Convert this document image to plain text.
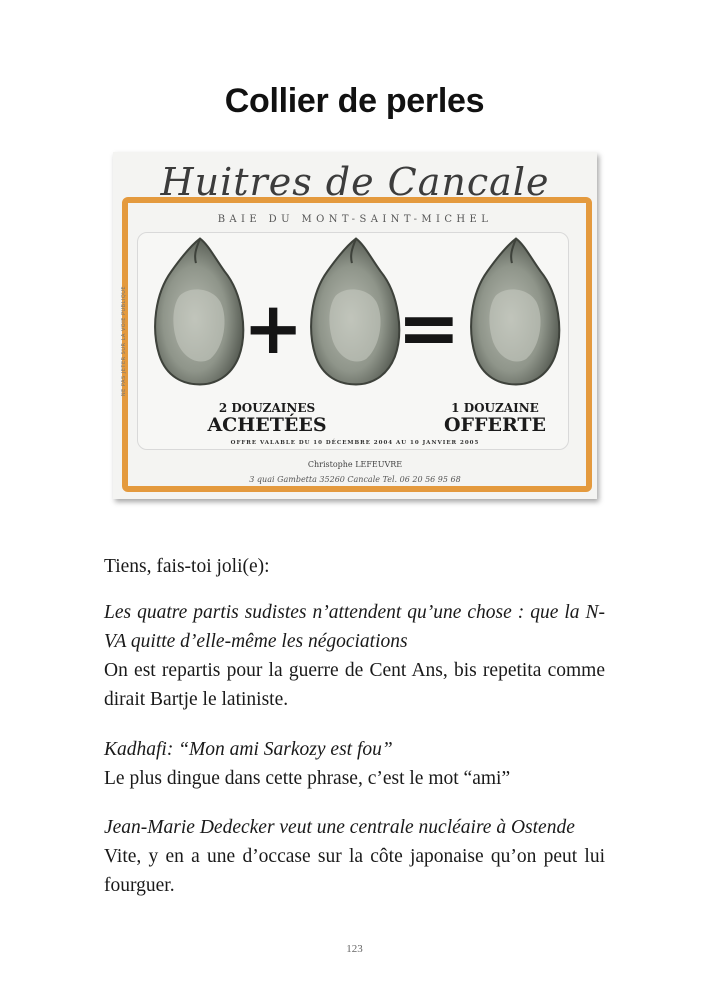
Collier de perles
Huitres de Cancale
BAIE DU MONT-SAINT-MICHEL
NE PAS JETER SUR LA VOIE PUBLIQUE + =
2 DOUZAINES
ACHETÉES
1 DOUZAINE
OFFERTE
OFFRE VALABLE DU 10 DÉCEMBRE 2004 AU 10 JANVIER 2005
Christophe LEFEUVRE
3 quai Gambetta 35260 Cancale Tel. 06 20 56 95 68

Tiens, fais-toi joli(e):

Les quatre partis sudistes n’attendent qu’une chose : que la N-VA quitte d’elle-même les négociations

On est repartis pour la guerre de Cent Ans, bis repetita comme dirait Bartje le latiniste.

Kadhafi: “Mon ami Sarkozy est fou”

Le plus dingue dans cette phrase, c’est le mot “ami”

Jean-Marie Dedecker veut une centrale nucléaire à Ostende

Vite, y en a une d’occase sur la côte japonaise qu’on peut lui fourguer.

123
